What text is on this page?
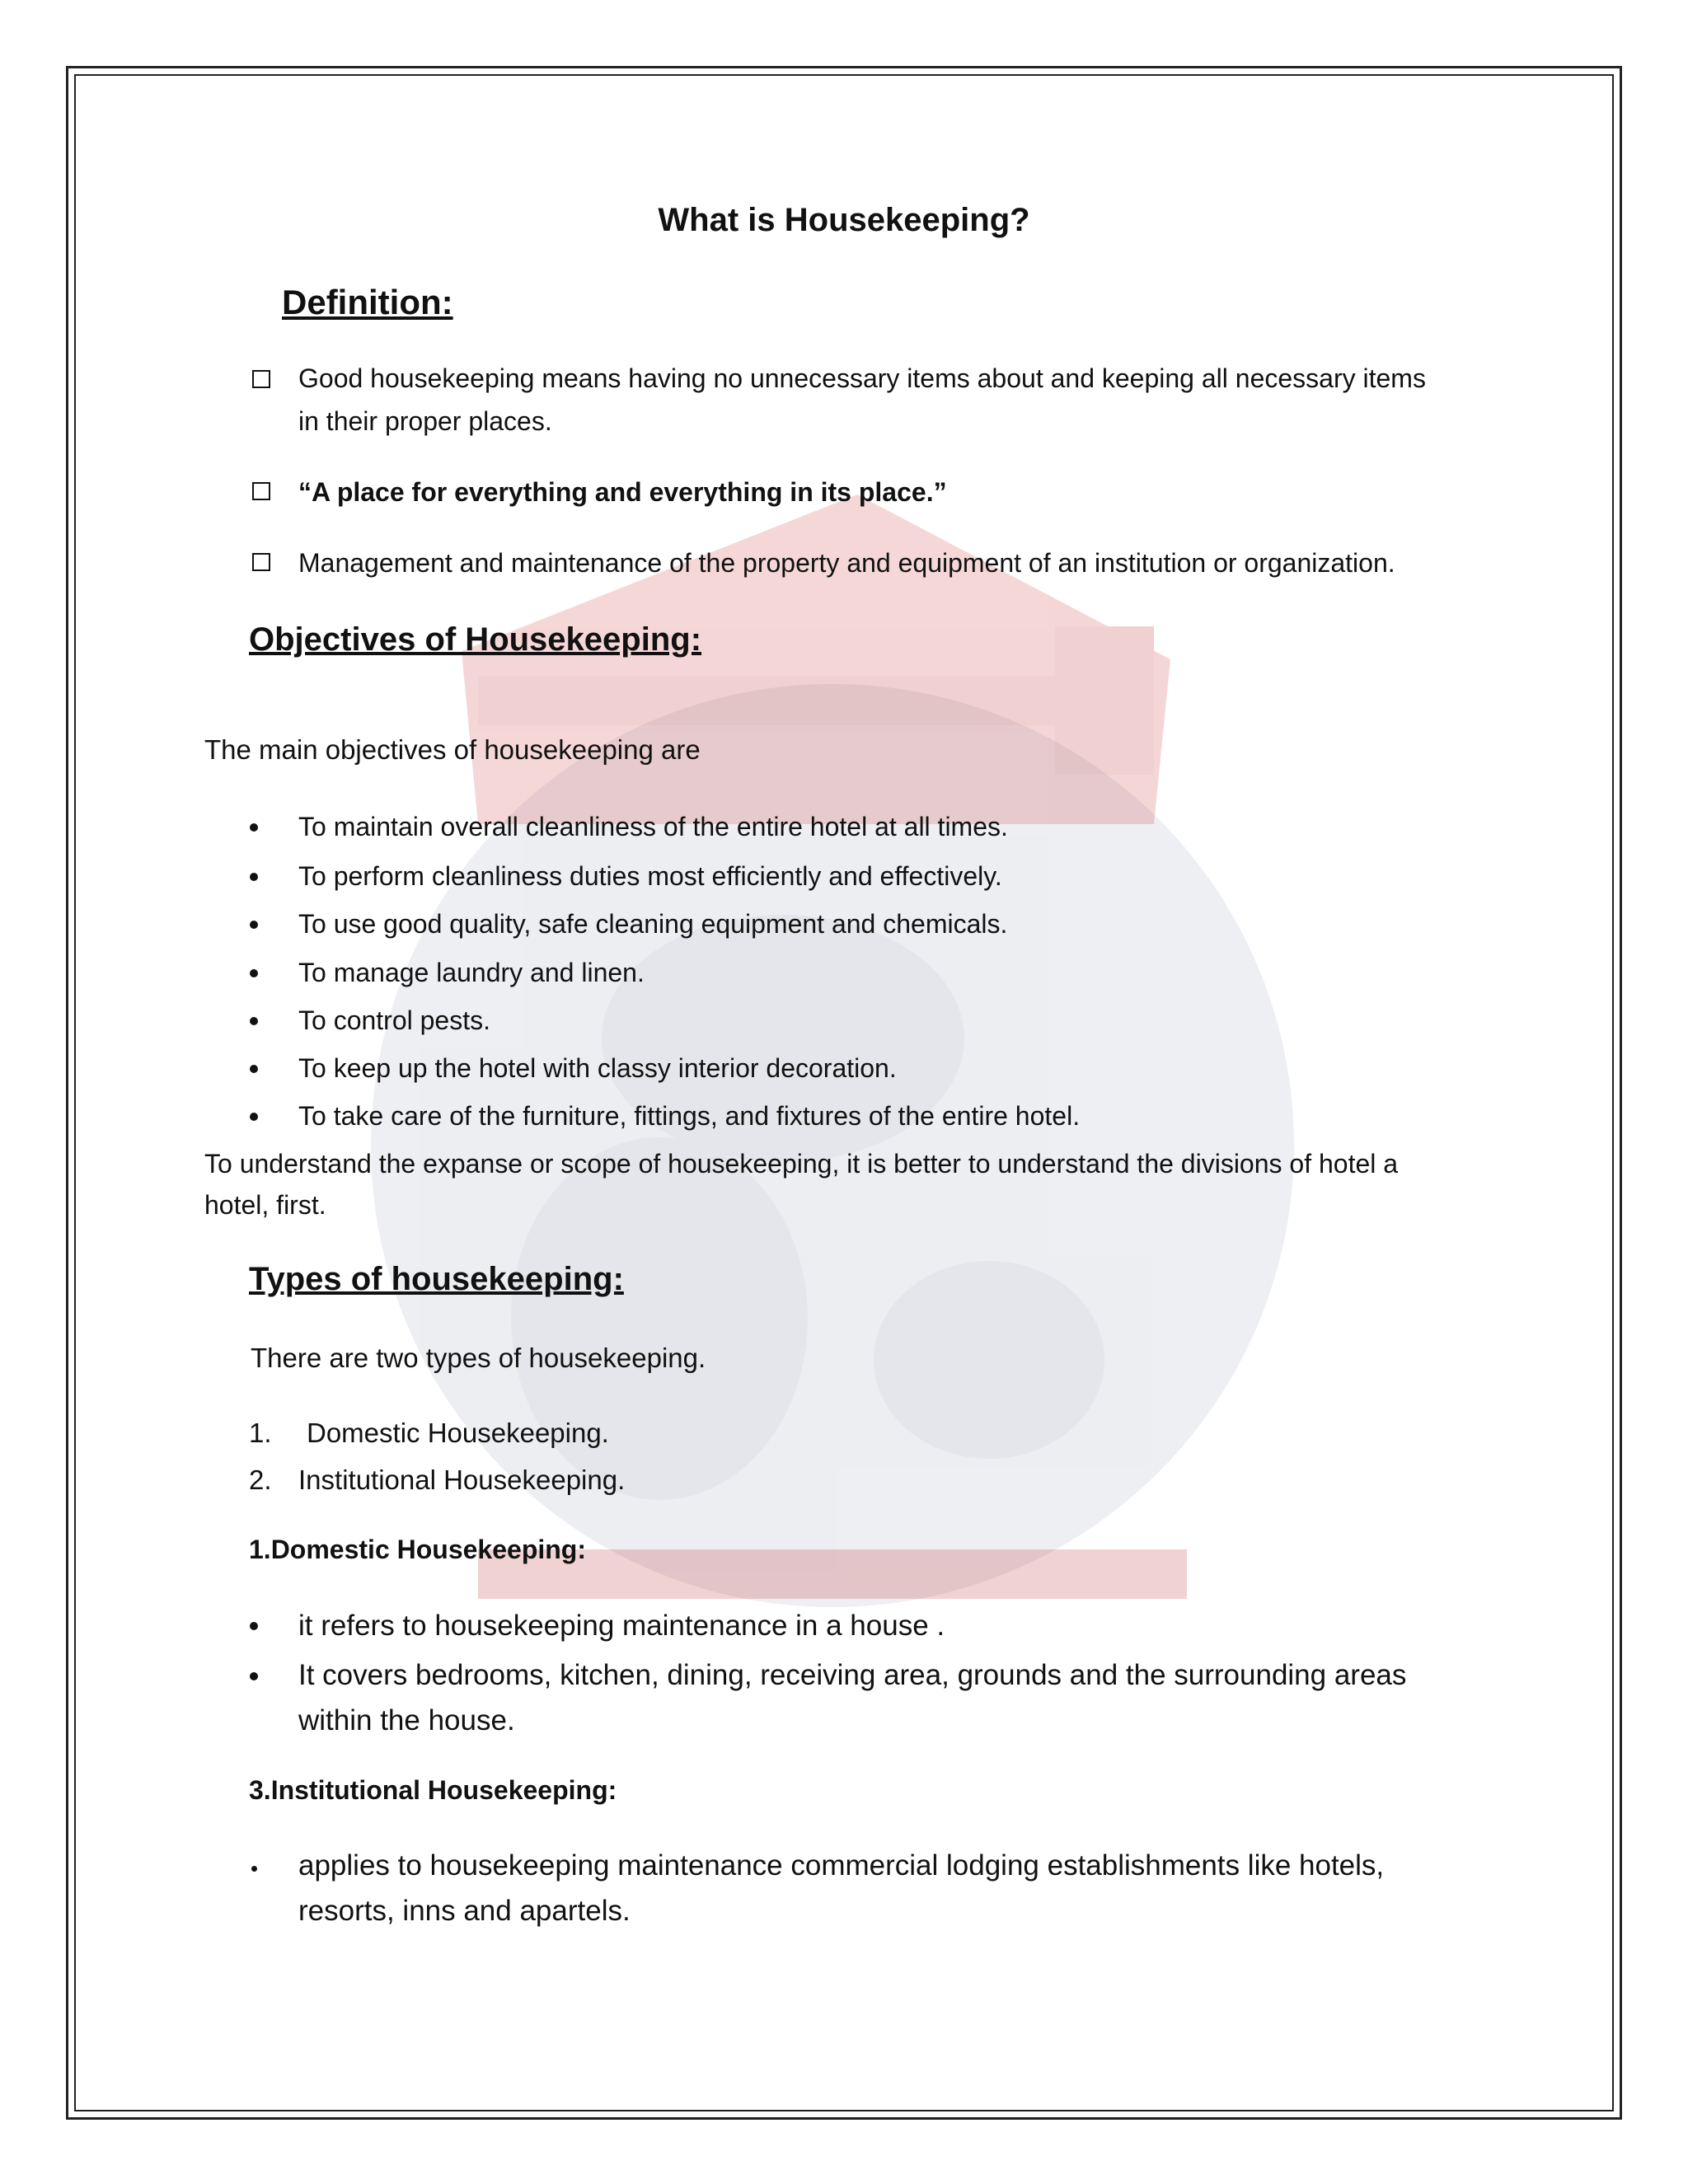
What is Housekeeping?
Definition:
Good housekeeping means having no unnecessary items about and keeping all necessary items
in their proper places.
“A place for everything and everything in its place.”
Management and maintenance of the property and equipment of an institution or organization.
Objectives of Housekeeping:
The main objectives of housekeeping are
To maintain overall cleanliness of the entire hotel at all times.
To perform cleanliness duties most efficiently and effectively.
To use good quality, safe cleaning equipment and chemicals.
To manage laundry and linen.
To control pests.
To keep up the hotel with classy interior decoration.
To take care of the furniture, fittings, and fixtures of the entire hotel.
To understand the expanse or scope of housekeeping, it is better to understand the divisions of hotel a
hotel, first.
Types of housekeeping:
There are two types of housekeeping.
1. Domestic Housekeeping.
2. Institutional Housekeeping.
1.Domestic Housekeeping:
it refers to housekeeping maintenance in a house .
It covers bedrooms, kitchen, dining, receiving area, grounds and the surrounding areas
within the house.
3.Institutional Housekeeping:
applies to housekeeping maintenance commercial lodging establishments like hotels,
resorts, inns and apartels.
